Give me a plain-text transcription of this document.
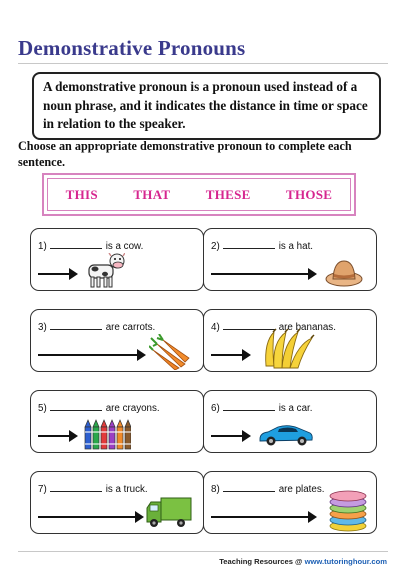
Demonstrative Pronouns
A demonstrative pronoun is a pronoun used instead of a noun phrase, and it indicates the distance in time or space in relation to the speaker.
Choose an appropriate demonstrative pronoun to complete each sentence.
THIS	THAT	THESE	THOSE
1)	is a cow.	2)	is a hat.
3)	are carrots.	4)	are bananas.
5)	are crayons.	6)	is a car.
7)	is a truck.	8)	are plates.
Teaching Resources @ www.tutoringhour.com
